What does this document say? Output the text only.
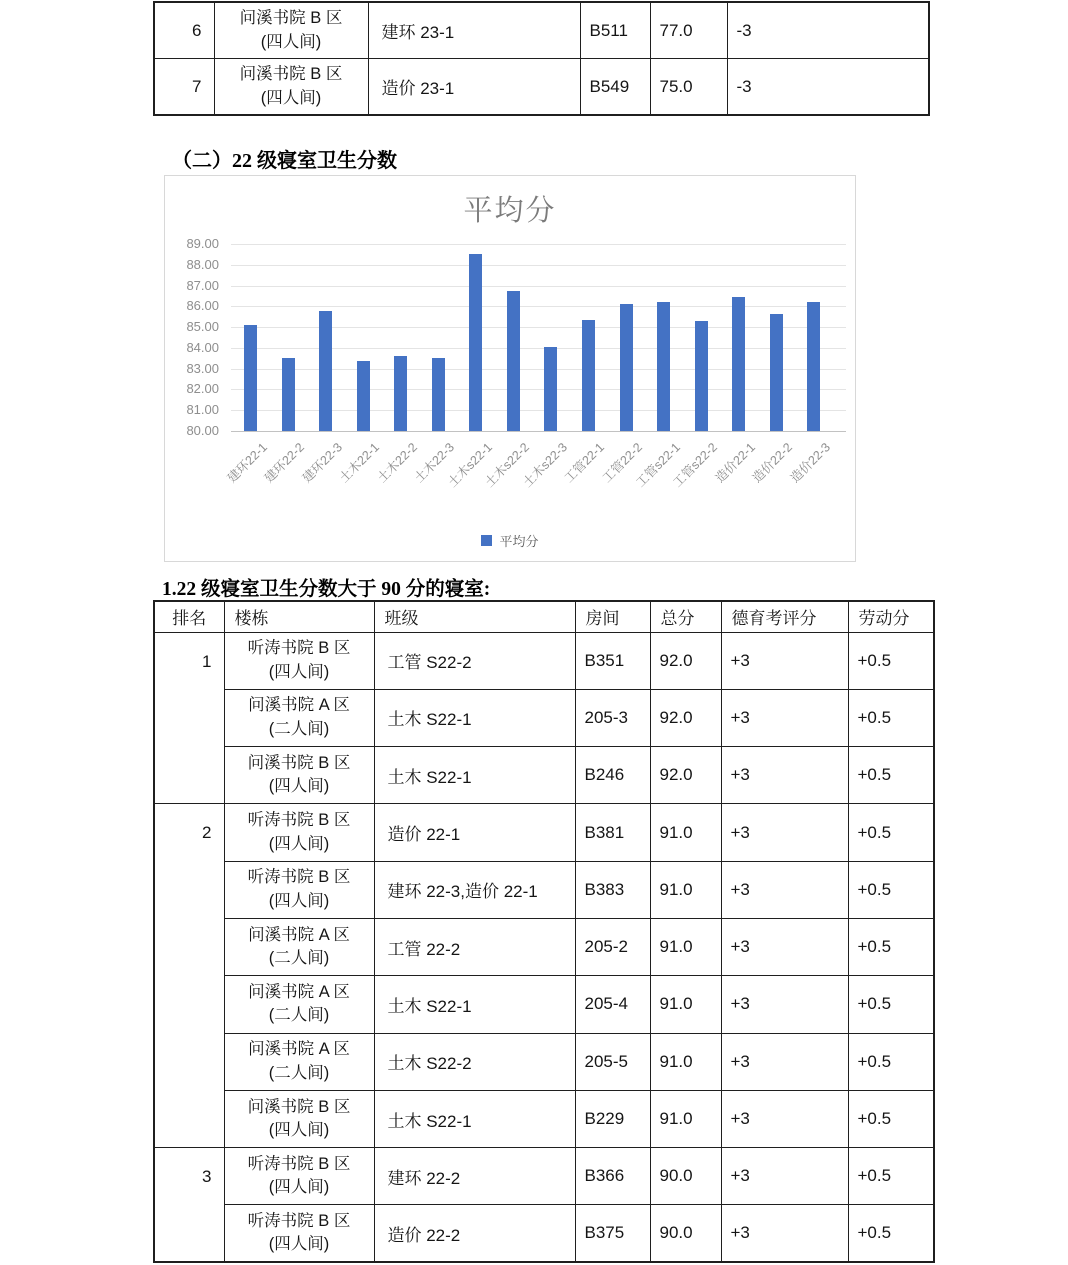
6	问溪书院 B 区
(四人间)	建环 23-1	B511	77.0	-3
7	问溪书院 B 区
(四人间)	造价 23-1	B549	75.0	-3
（二）22 级寝室卫生分数
平均分
89.00
88.00
87.00
86.00
85.00
84.00
83.00
82.00
81.00
80.00
建环22-1
建环22-2
建环22-3
土木22-1
土木22-2
土木22-3
土木s22-1
土木s22-2
土木s22-3
工管22-1
工管22-2
工管s22-1
工管s22-2
造价22-1
造价22-2
造价22-3
平均分
1.22 级寝室卫生分数大于 90 分的寝室:
排名	楼栋	班级	房间	总分	德育考评分	劳动分
1	听涛书院 B 区
(四人间)	工管 S22-2	B351	92.0	+3	+0.5

	问溪书院 A 区
(二人间)	土木 S22-1	205-3	92.0	+3	+0.5

	问溪书院 B 区
(四人间)	土木 S22-1	B246	92.0	+3	+0.5
2	听涛书院 B 区
(四人间)	造价 22-1	B381	91.0	+3	+0.5

	听涛书院 B 区
(四人间)	建环 22-3,造价 22-1	B383	91.0	+3	+0.5

	问溪书院 A 区
(二人间)	工管 22-2	205-2	91.0	+3	+0.5

	问溪书院 A 区
(二人间)	土木 S22-1	205-4	91.0	+3	+0.5

	问溪书院 A 区
(二人间)	土木 S22-2	205-5	91.0	+3	+0.5

	问溪书院 B 区
(四人间)	土木 S22-1	B229	91.0	+3	+0.5
3	听涛书院 B 区
(四人间)	建环 22-2	B366	90.0	+3	+0.5

	听涛书院 B 区
(四人间)	造价 22-2	B375	90.0	+3	+0.5
